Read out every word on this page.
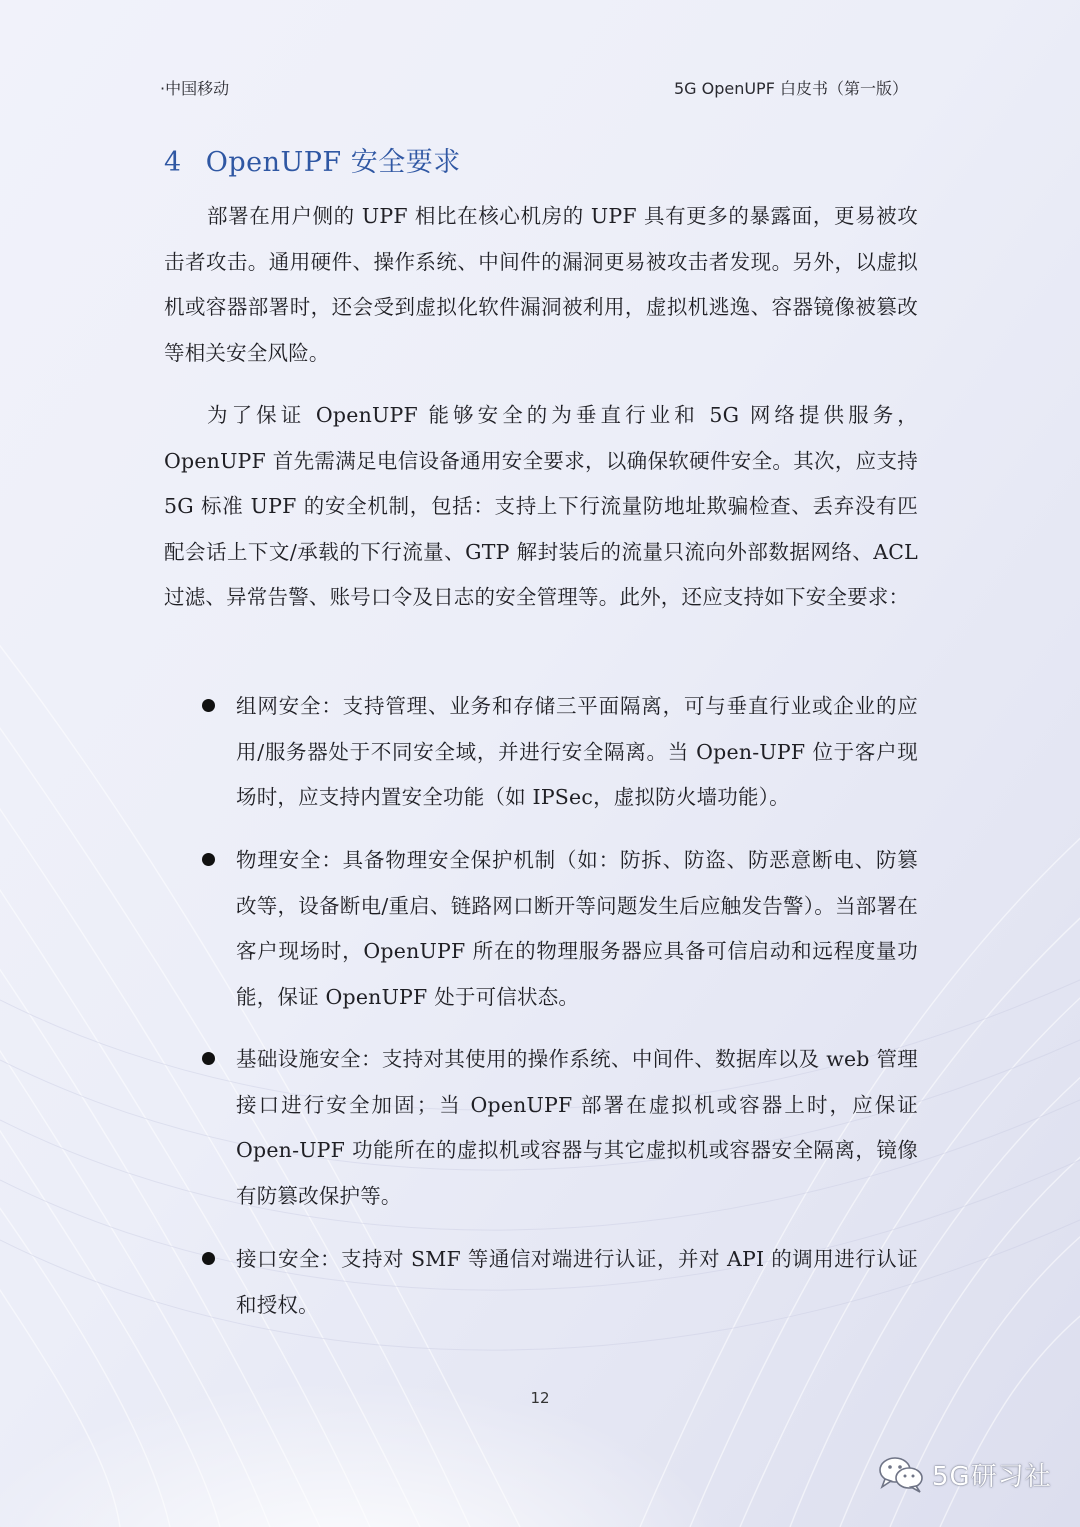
·中国移动	5G OpenUPF 白皮书（第一版）
4 OpenUPF 安全要求

部署在用户侧的 UPF 相比在核心机房的 UPF 具有更多的暴露面，更易被攻击者攻击。通用硬件、操作系统、中间件的漏洞更易被攻击者发现。另外，以虚拟机或容器部署时，还会受到虚拟化软件漏洞被利用，虚拟机逃逸、容器镜像被篡改等相关安全风险。

为了保证 OpenUPF 能够安全的为垂直行业和 5G 网络提供服务，OpenUPF 首先需满足电信设备通用安全要求，以确保软硬件安全。其次，应支持 5G 标准 UPF 的安全机制，包括：支持上下行流量防地址欺骗检查、丢弃没有匹配会话上下文/承载的下行流量、GTP 解封装后的流量只流向外部数据网络、ACL 过滤、异常告警、账号口令及日志的安全管理等。此外，还应支持如下安全要求：

组网安全：支持管理、业务和存储三平面隔离，可与垂直行业或企业的应用/服务器处于不同安全域，并进行安全隔离。当 Open-UPF 位于客户现场时，应支持内置安全功能（如 IPSec，虚拟防火墙功能）。

物理安全：具备物理安全保护机制（如：防拆、防盗、防恶意断电、防篡改等，设备断电/重启、链路网口断开等问题发生后应触发告警）。当部署在客户现场时，OpenUPF 所在的物理服务器应具备可信启动和远程度量功能，保证 OpenUPF 处于可信状态。

基础设施安全：支持对其使用的操作系统、中间件、数据库以及 web 管理接口进行安全加固；当 OpenUPF 部署在虚拟机或容器上时，应保证 Open-UPF 功能所在的虚拟机或容器与其它虚拟机或容器安全隔离，镜像有防篡改保护等。

接口安全：支持对 SMF 等通信对端进行认证，并对 API 的调用进行认证和授权。

12
5G研习社
